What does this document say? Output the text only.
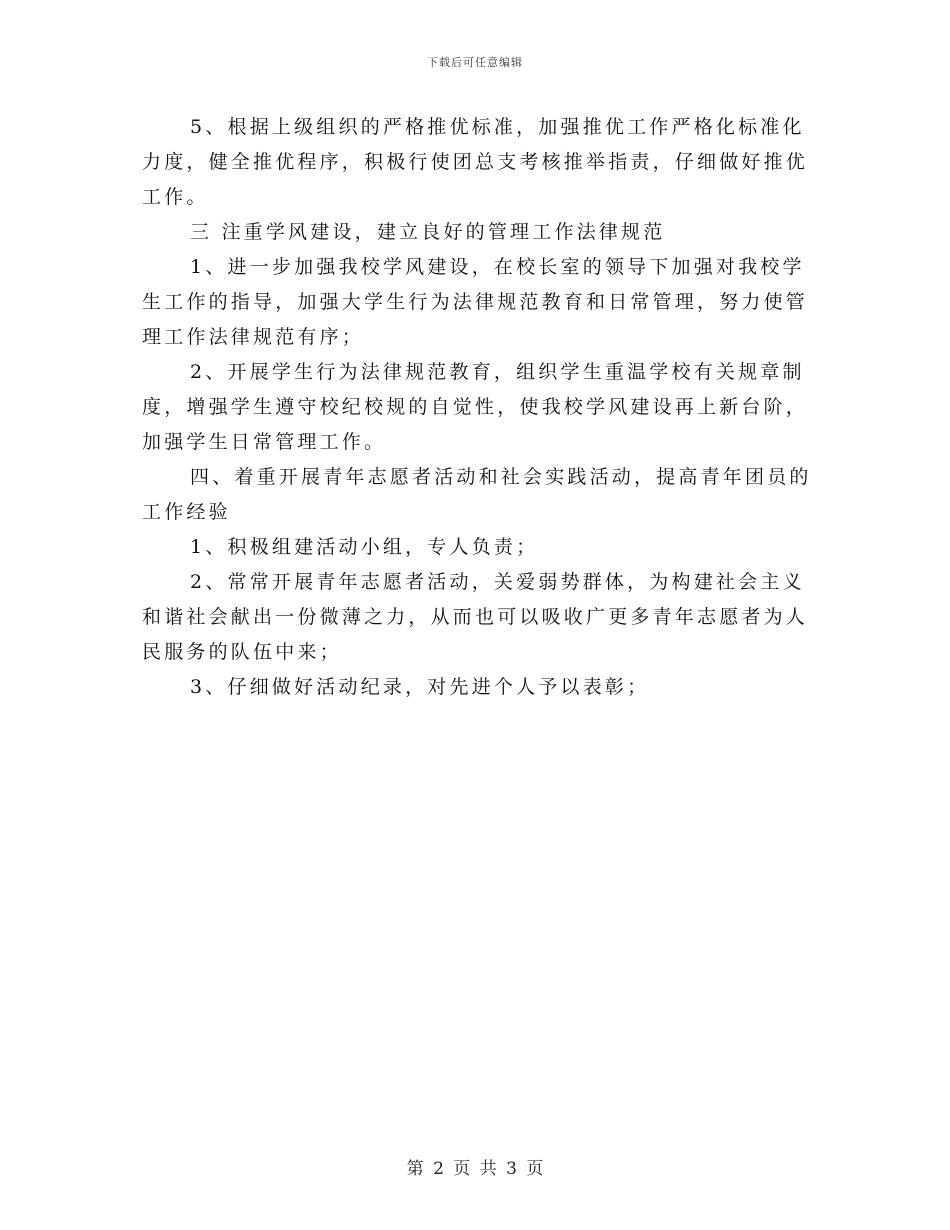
下载后可任意编辑

5、根据上级组织的严格推优标准，加强推优工作严格化标准化力度，健全推优程序，积极行使团总支考核推举指责，仔细做好推优工作。

三 注重学风建设，建立良好的管理工作法律规范

1、进一步加强我校学风建设，在校长室的领导下加强对我校学生工作的指导，加强大学生行为法律规范教育和日常管理，努力使管理工作法律规范有序；

2、开展学生行为法律规范教育，组织学生重温学校有关规章制度，增强学生遵守校纪校规的自觉性，使我校学风建设再上新台阶，加强学生日常管理工作。

四、着重开展青年志愿者活动和社会实践活动，提高青年团员的工作经验

1、积极组建活动小组，专人负责；

2、常常开展青年志愿者活动，关爱弱势群体，为构建社会主义和谐社会献出一份微薄之力，从而也可以吸收广更多青年志愿者为人民服务的队伍中来；

3、仔细做好活动纪录，对先进个人予以表彰；

第 2 页 共 3 页
